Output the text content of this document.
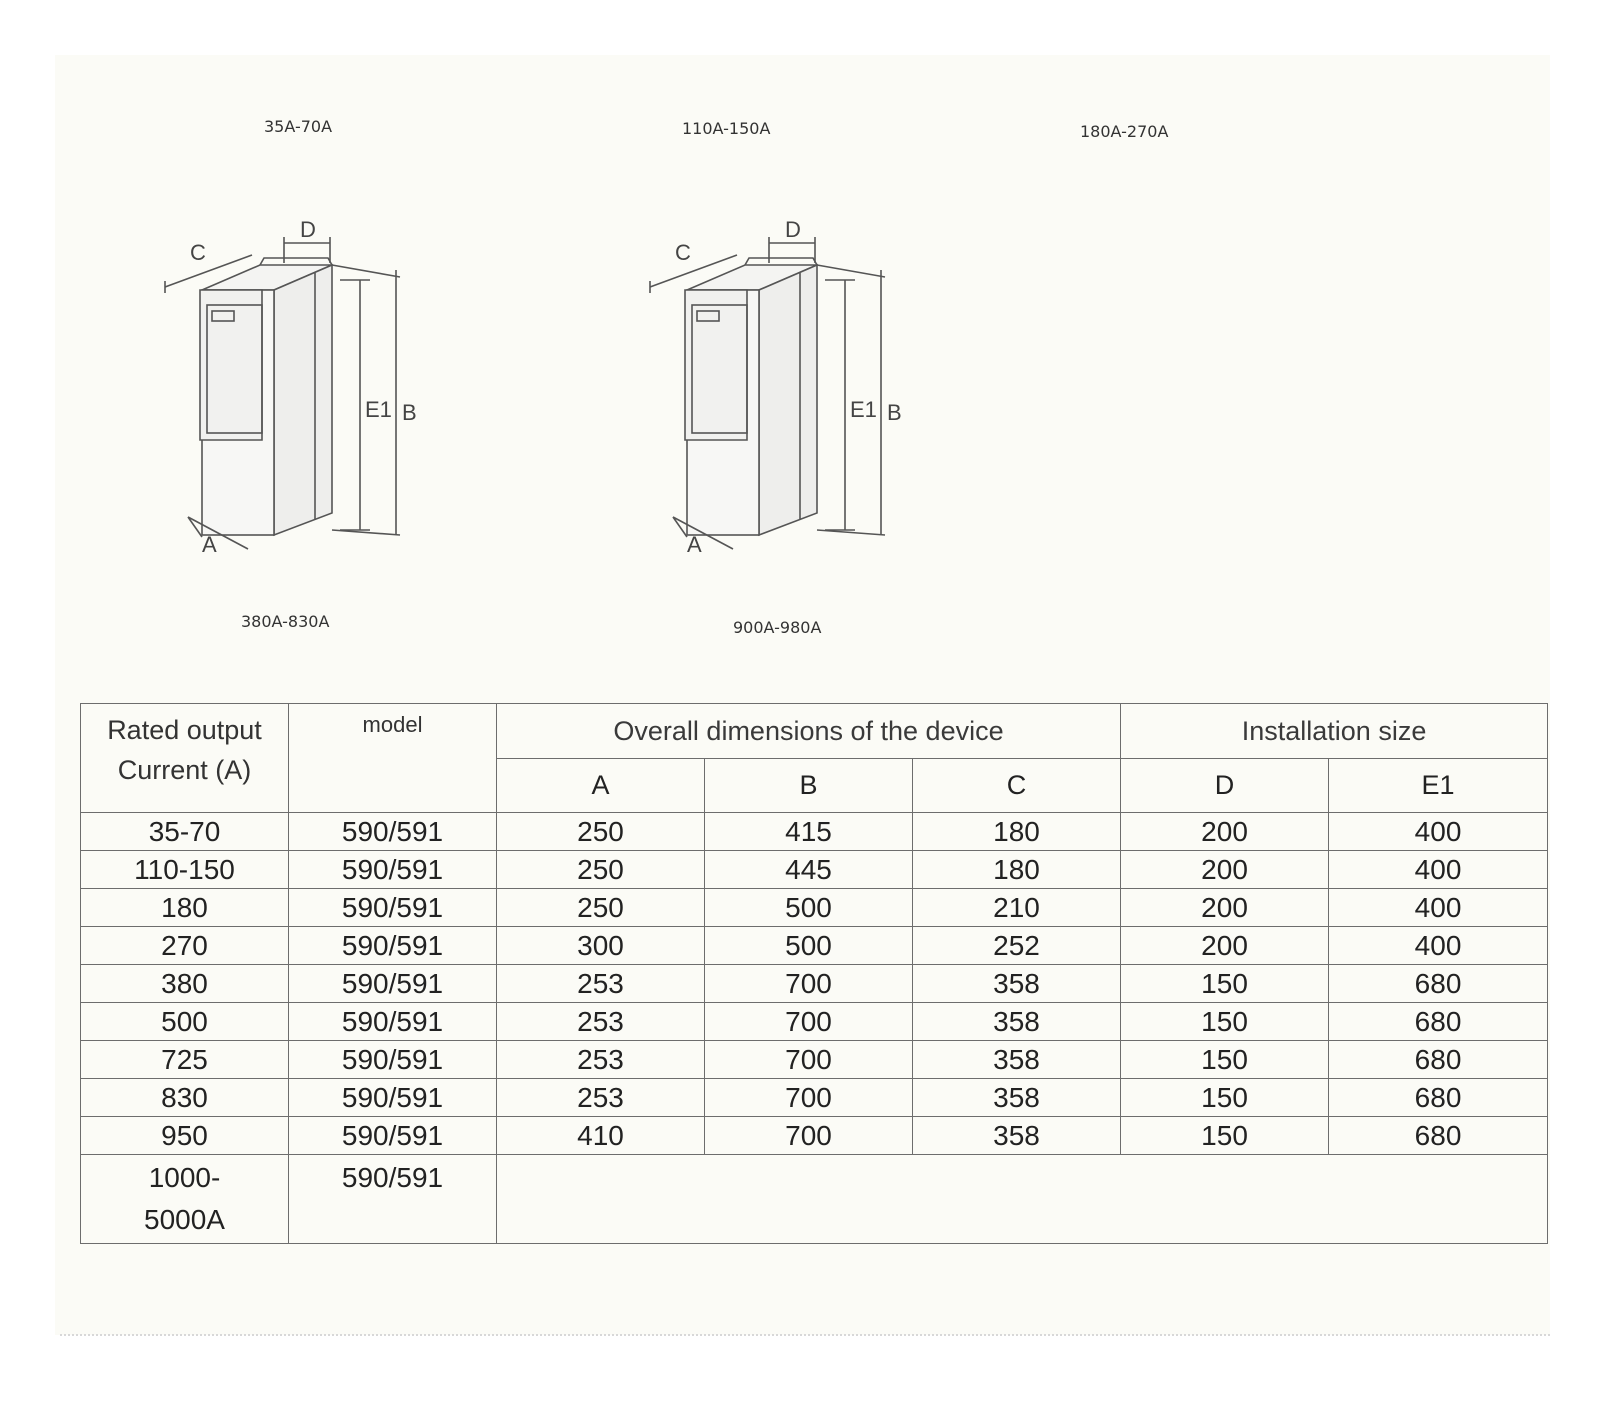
35A-70A	110A-150A	180A-270A
380A-830A	900A-980A
C
D
E1 B
A
C
D
E1 B
A
Rated output
Current (A)	model	Overall dimensions of the device			Installation size	
		A	B	C	D	E1
35-70	590/591	250	415	180	200	400
110-150	590/591	250	445	180	200	400
180	590/591	250	500	210	200	400
270	590/591	300	500	252	200	400
380	590/591	253	700	358	150	680
500	590/591	253	700	358	150	680
725	590/591	253	700	358	150	680
830	590/591	253	700	358	150	680
950	590/591	410	700	358	150	680
1000-
5000A	590/591					
